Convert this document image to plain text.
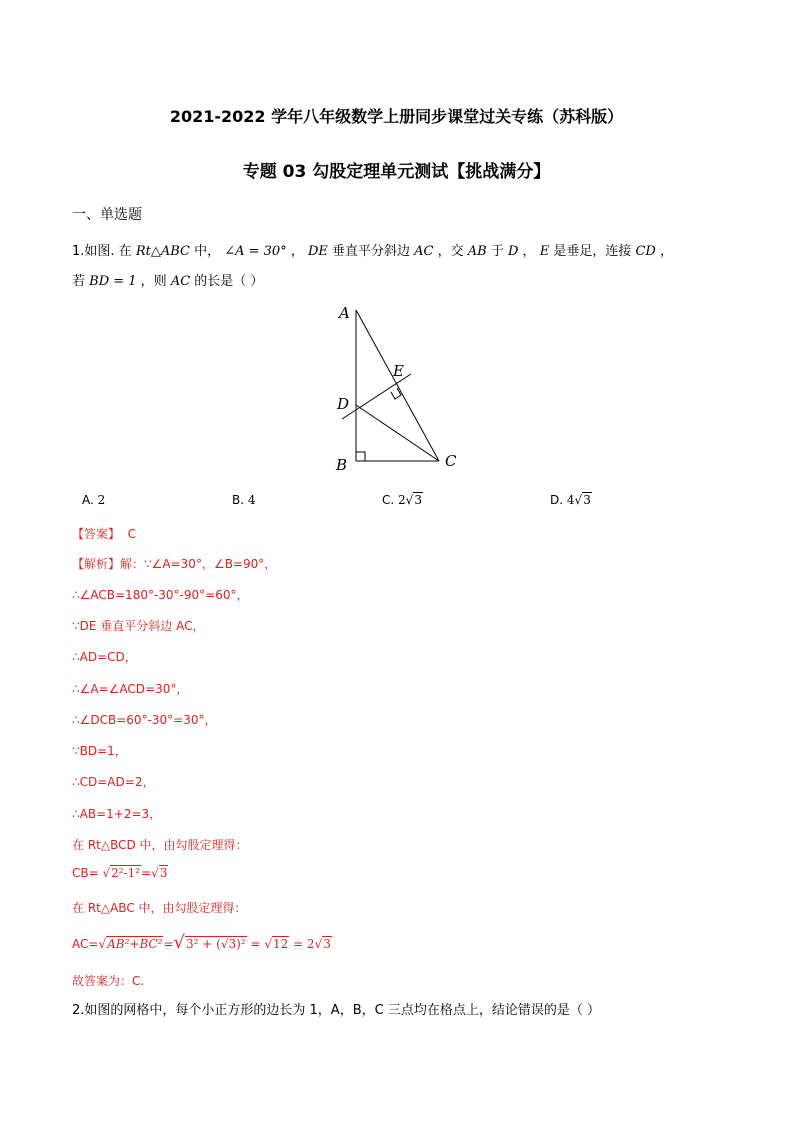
2021-2022 学年八年级数学上册同步课堂过关专练（苏科版）
专题 03 勾股定理单元测试【挑战满分】
一、单选题
1.如图. 在 Rt△ABC 中， ∠A = 30° ， DE 垂直平分斜边 AC ，交 AB 于 D ， E 是垂足，连接 CD ，
若 BD = 1 ，则 AC 的长是（ ）
A
E
D
B	C
A. 2	B. 4	C. 2√3	D. 4√3
【答案】 C
【解析】解：∵∠A=30°，∠B=90°，
∴∠ACB=180°-30°-90°=60°，
∵DE 垂直平分斜边 AC，
∴AD=CD，
∴∠A=∠ACD=30°，
∴∠DCB=60°-30°=30°，
∵BD=1，
∴CD=AD=2，
∴AB=1+2=3，
在 Rt△BCD 中，由勾股定理得：
CB= √2²-1²=√3
在 Rt△ABC 中，由勾股定理得：
AC=√AB²+BC²=√3² + (√3)² = √12 = 2√3
故答案为：C.
2.如图的网格中，每个小正方形的边长为 1，A，B，C 三点均在格点上，结论错误的是（ ）
